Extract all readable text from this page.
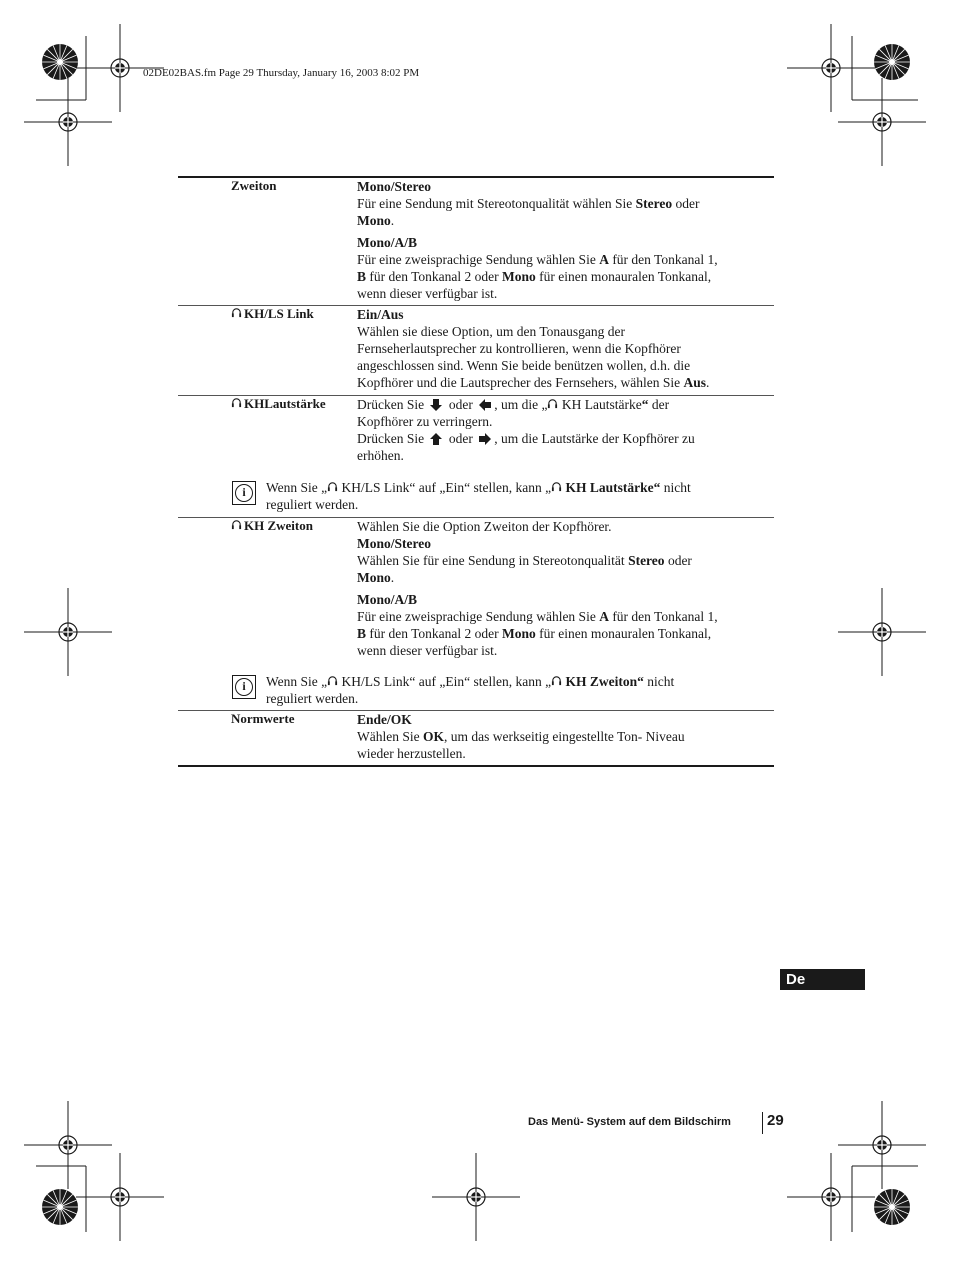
02DE02BAS.fm Page 29 Thursday, January 16, 2003 8:02 PM
Zweiton	Mono/Stereo

Für eine Sendung mit Stereotonqualität wählen Sie Stereo oder

Mono.

Mono/A/B

Für eine zweisprachige Sendung wählen Sie A für den Tonkanal 1,

B für den Tonkanal 2 oder Mono für einen monauralen Tonkanal,

wenn dieser verfügbar ist.

KH/LS Link	Ein/Aus

Wählen sie diese Option, um den Tonausgang der

Fernseherlautsprecher zu kontrollieren, wenn die Kopfhörer

angeschlossen sind. Wenn Sie beide benützen wollen, d.h. die

Kopfhörer und die Lautsprecher des Fernsehers, wählen Sie Aus.

KHLautstärke Drücken Sie  oder , um die „ KH Lautstärke“ der

Kopfhörer zu verringern.

Drücken Sie  oder , um die Lautstärke der Kopfhörer zu

erhöhen.

i	Wenn Sie „ KH/LS Link“ auf „Ein“ stellen, kann „ KH Lautstärke“ nicht
reguliert werden.
KH Zweiton	Wählen Sie die Option Zweiton der Kopfhörer.

Mono/Stereo

Wählen Sie für eine Sendung in Stereotonqualität Stereo oder

Mono.

Mono/A/B

Für eine zweisprachige Sendung wählen Sie A für den Tonkanal 1,

B für den Tonkanal 2 oder Mono für einen monauralen Tonkanal,

wenn dieser verfügbar ist.

i	Wenn Sie „ KH/LS Link“ auf „Ein“ stellen, kann „ KH Zweiton“ nicht
reguliert werden.
Normwerte	Ende/OK

Wählen Sie OK, um das werkseitig eingestellte Ton- Niveau

wieder herzustellen.

De
Das Menü- System auf dem Bildschirm 29
